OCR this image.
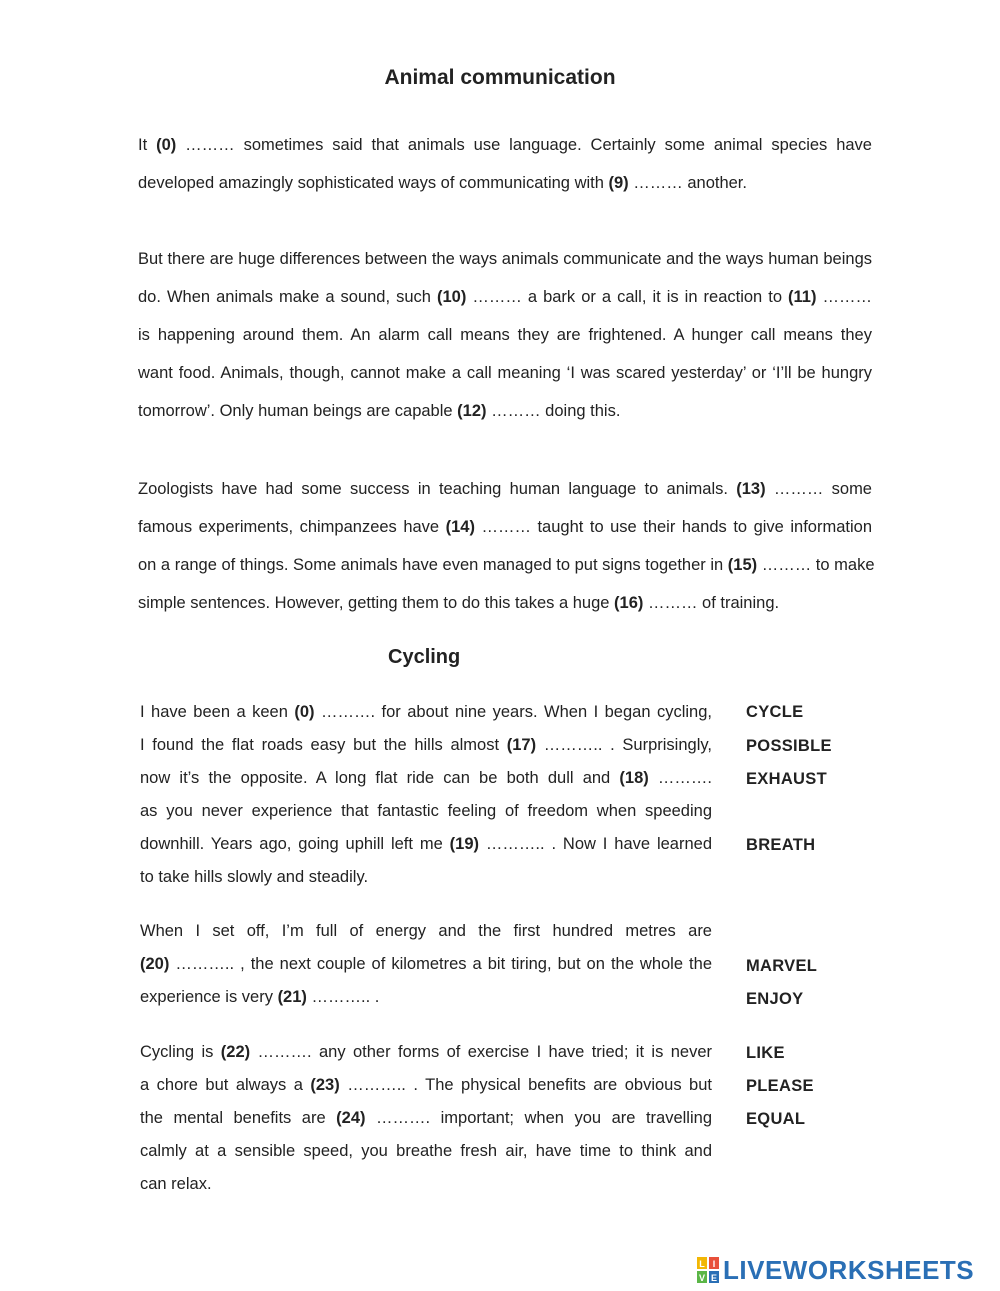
Animal communication
It (0) ……… sometimes said that animals use language. Certainly some animal species have
developed amazingly sophisticated ways of communicating with (9) ……… another.
But there are huge differences between the ways animals communicate and the ways human beings
do. When animals make a sound, such (10) ……… a bark or a call, it is in reaction to (11) ………
is happening around them. An alarm call means they are frightened. A hunger call means they
want food. Animals, though, cannot make a call meaning ‘I was scared yesterday’ or ‘I’ll be hungry
tomorrow’. Only human beings are capable (12) ……… doing this.
Zoologists have had some success in teaching human language to animals. (13) ……… some
famous experiments, chimpanzees have (14) ……… taught to use their hands to give information
on a range of things. Some animals have even managed to put signs together in (15) ……… to make
simple sentences. However, getting them to do this takes a huge (16) ……… of training.
Cycling
I have been a keen (0) ………. for about nine years. When I began cycling,
I found the flat roads easy but the hills almost (17) ……….. . Surprisingly,
now it’s the opposite. A long flat ride can be both dull and (18) ……….
as you never experience that fantastic feeling of freedom when speeding
downhill. Years ago, going uphill left me (19) ……….. . Now I have learned
to take hills slowly and steadily.
When I set off, I’m full of energy and the first hundred metres are
(20) ……….. , the next couple of kilometres a bit tiring, but on the whole the
experience is very (21) ……….. .
Cycling is (22) ………. any other forms of exercise I have tried; it is never
a chore but always a (23) ……….. . The physical benefits are obvious but
the mental benefits are (24) ………. important; when you are travelling
calmly at a sensible speed, you breathe fresh air, have time to think and
can relax.
CYCLE
POSSIBLE
EXHAUST
BREATH
MARVEL
ENJOY
LIKE
PLEASE
EQUAL
L I
V E LIVEWORKSHEETS
